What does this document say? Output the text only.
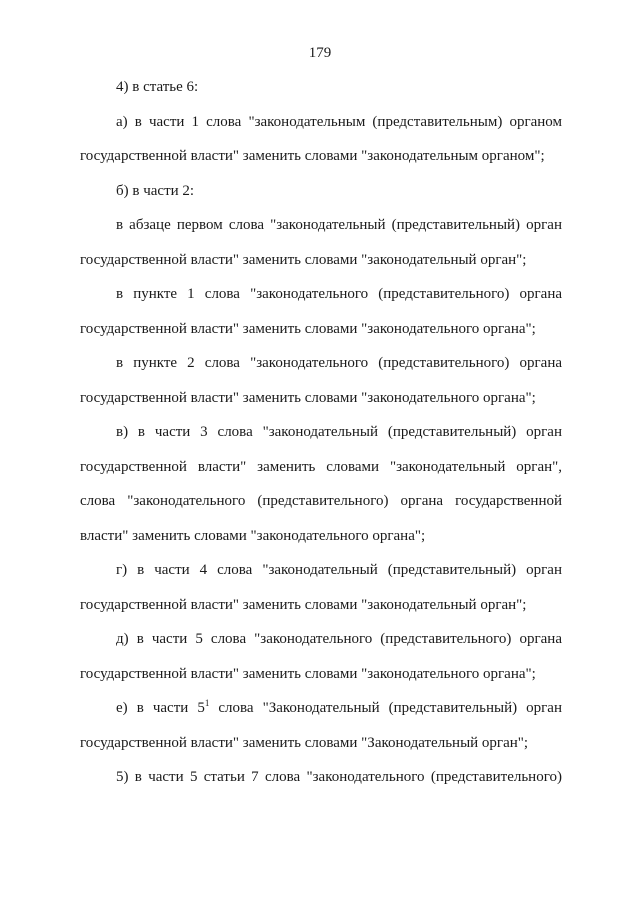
179
4) в статье 6:
а) в части 1 слова "законодательным (представительным) органом
государственной власти" заменить словами "законодательным органом";
б) в части 2:
в абзаце первом слова "законодательный (представительный) орган
государственной власти" заменить словами "законодательный орган";
в пункте 1 слова "законодательного (представительного) органа
государственной власти" заменить словами "законодательного органа";
в пункте 2 слова "законодательного (представительного) органа
государственной власти" заменить словами "законодательного органа";
в) в части 3 слова "законодательный (представительный) орган
государственной власти" заменить словами "законодательный орган",
слова "законодательного (представительного) органа государственной
власти" заменить словами "законодательного органа";
г) в части 4 слова "законодательный (представительный) орган
государственной власти" заменить словами "законодательный орган";
д) в части 5 слова "законодательного (представительного) органа
государственной власти" заменить словами "законодательного органа";
е) в части $5^1$ слова "Законодательный (представительный) орган
государственной власти" заменить словами "Законодательный орган";
5) в части 5 статьи 7 слова "законодательного (представительного)
